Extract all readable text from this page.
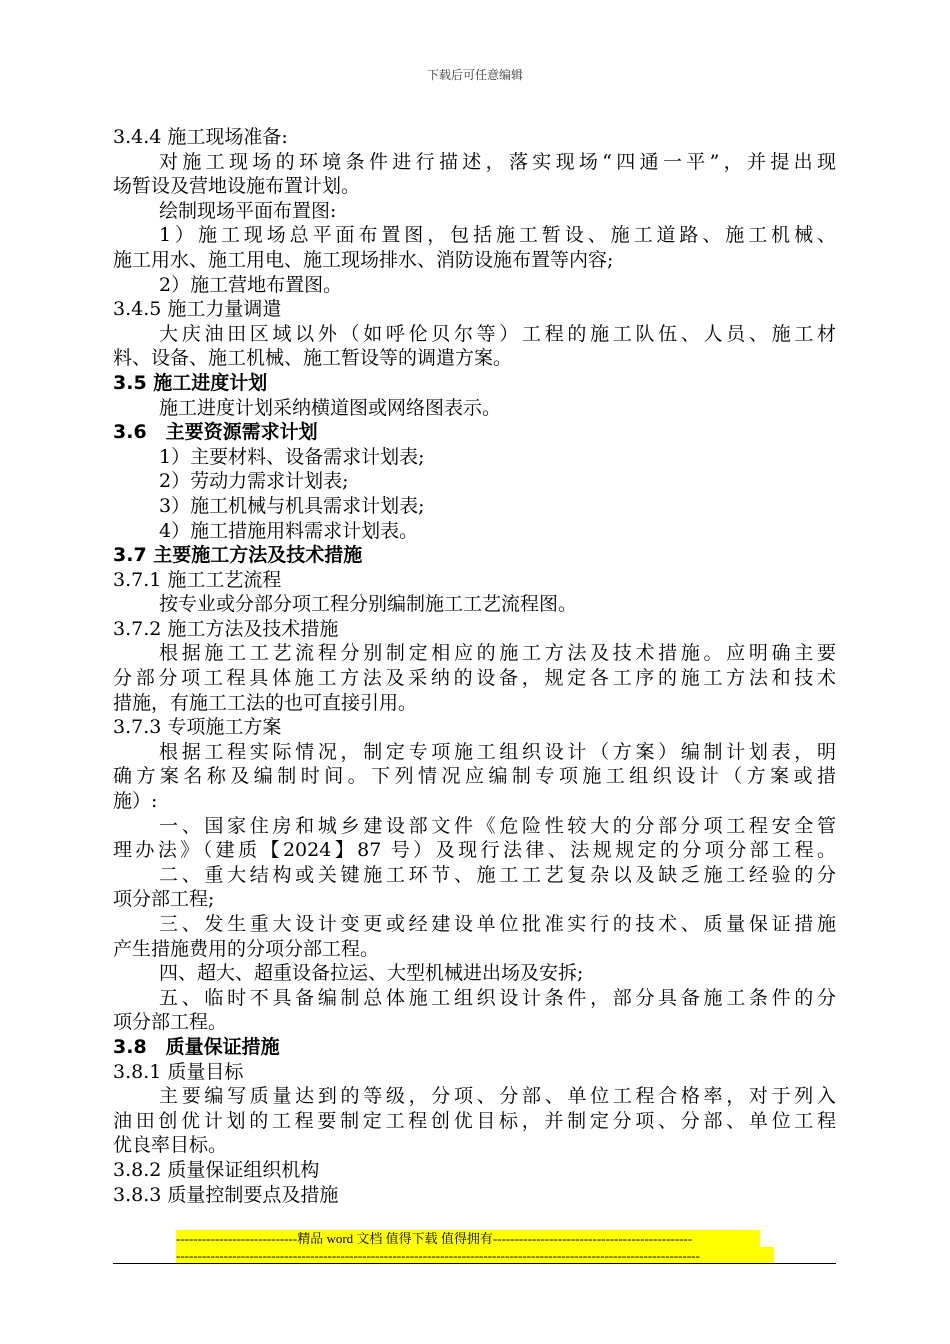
下载后可任意编辑
3.4.4 施工现场准备:
对施工现场的环境条件进行描述，落实现场“四通一平”，并提出现
场暂设及营地设施布置计划。
绘制现场平面布置图:
1）施工现场总平面布置图，包括施工暂设、施工道路、施工机械、
施工用水、施工用电、施工现场排水、消防设施布置等内容;
2）施工营地布置图。
3.4.5 施工力量调遣
大庆油田区域以外（如呼伦贝尔等）工程的施工队伍、人员、施工材
料、设备、施工机械、施工暂设等的调遣方案。
3.5 施工进度计划
施工进度计划采纳横道图或网络图表示。
3.6　主要资源需求计划
1）主要材料、设备需求计划表;
2）劳动力需求计划表;
3）施工机械与机具需求计划表;
4）施工措施用料需求计划表。
3.7 主要施工方法及技术措施
3.7.1 施工工艺流程
按专业或分部分项工程分别编制施工工艺流程图。
3.7.2 施工方法及技术措施
根据施工工艺流程分别制定相应的施工方法及技术措施。应明确主要
分部分项工程具体施工方法及采纳的设备，规定各工序的施工方法和技术
措施，有施工工法的也可直接引用。
3.7.3 专项施工方案
根据工程实际情况，制定专项施工组织设计（方案）编制计划表，明
确方案名称及编制时间。下列情况应编制专项施工组织设计（方案或措
施）:
一、国家住房和城乡建设部文件《危险性较大的分部分项工程安全管
理办法》（建质【2024】87 号）及现行法律、法规规定的分项分部工程。
二、重大结构或关键施工环节、施工工艺复杂以及缺乏施工经验的分
项分部工程;
三、发生重大设计变更或经建设单位批准实行的技术、质量保证措施
产生措施费用的分项分部工程。
四、超大、超重设备拉运、大型机械进出场及安拆;
五、临时不具备编制总体施工组织设计条件，部分具备施工条件的分
项分部工程。
3.8　质量保证措施
3.8.1 质量目标
主要编写质量达到的等级，分项、分部、单位工程合格率，对于列入
油田创优计划的工程要制定工程创优目标，并制定分项、分部、单位工程
优良率目标。
3.8.2 质量保证组织机构
3.8.3 质量控制要点及措施
----------------------------精品 word 文档 值得下载 值得拥有----------------------------------------------
-------------------------------------------------------------------------------------------------------------------------
